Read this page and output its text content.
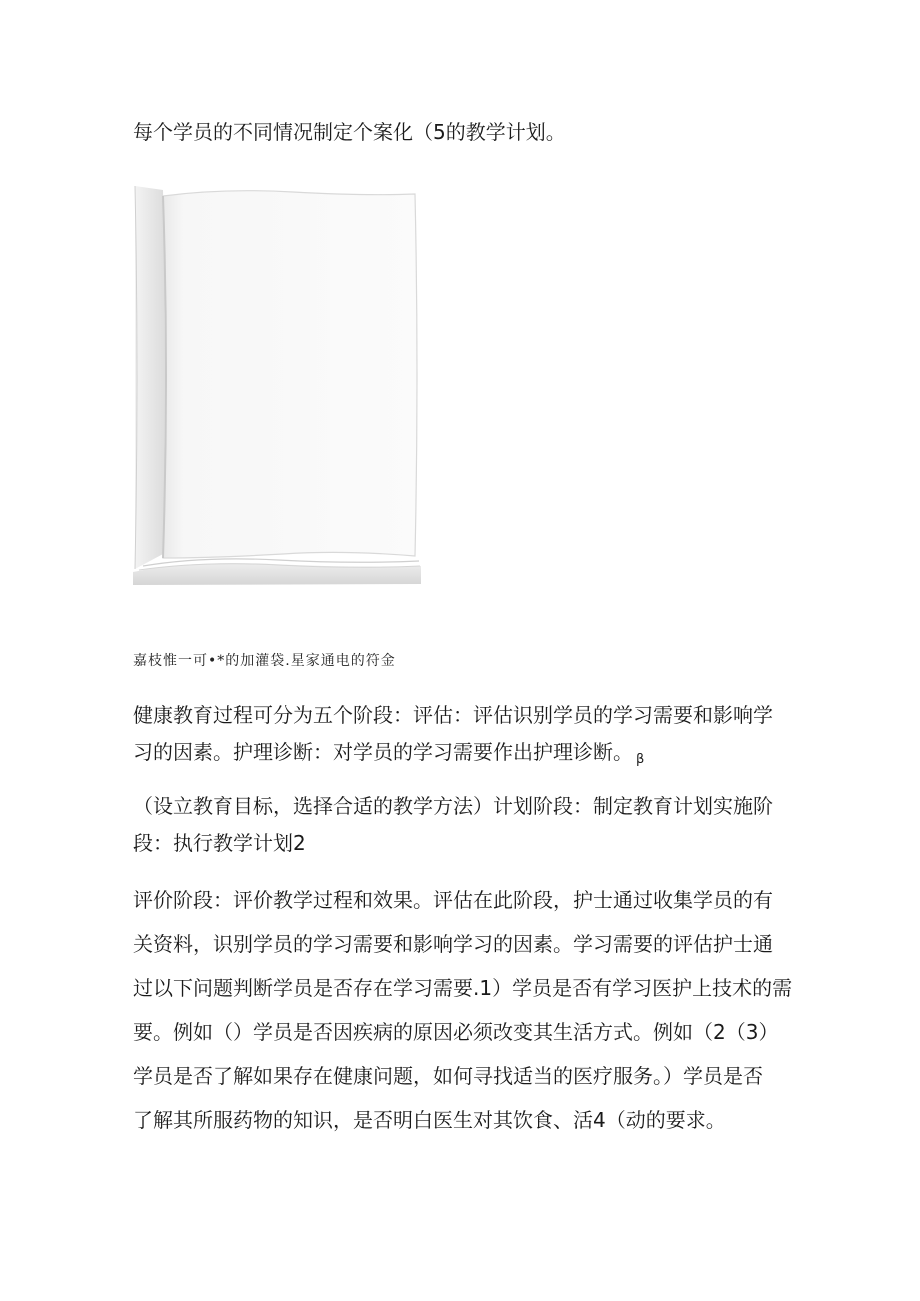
每个学员的不同情况制定个案化（5的教学计划。
嘉枝惟一可•*的加灌袋.星家通电的符金
健康教育过程可分为五个阶段：评估：评估识别学员的学习需要和影响学
习的因素。护理诊断：对学员的学习需要作出护理诊断。 $_\beta$
（设立教育目标，选择合适的教学方法）计划阶段：制定教育计划实施阶
段：执行教学计划2
评价阶段：评价教学过程和效果。评估在此阶段，护士通过收集学员的有
关资料，识别学员的学习需要和影响学习的因素。学习需要的评估护士通
过以下问题判断学员是否存在学习需要.1）学员是否有学习医护上技术的需
要。例如（）学员是否因疾病的原因必须改变其生活方式。例如（2（3）
学员是否了解如果存在健康问题，如何寻找适当的医疗服务。）学员是否
了解其所服药物的知识，是否明白医生对其饮食、活4（动的要求。
